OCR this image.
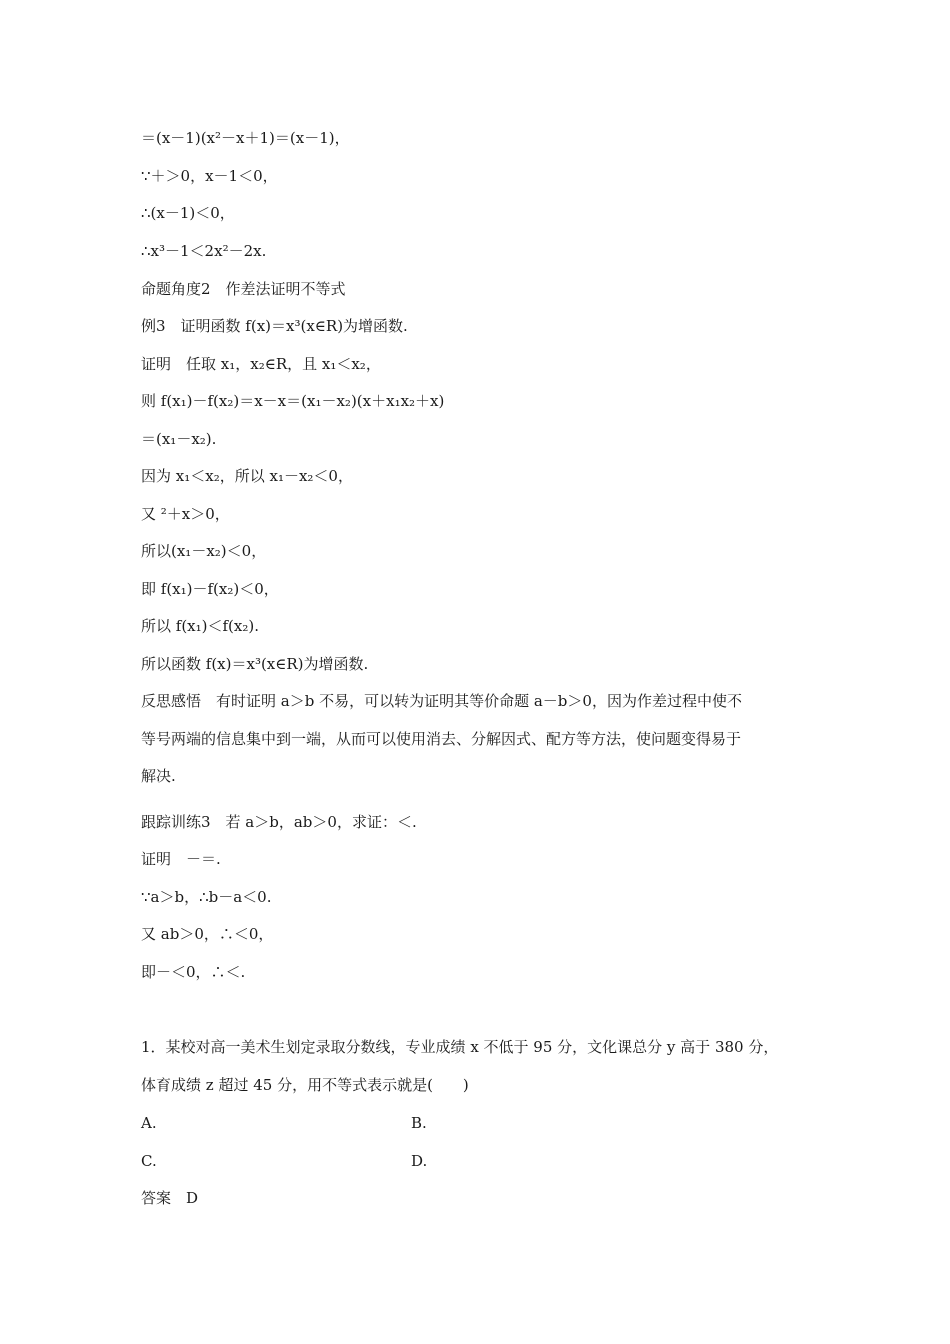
＝(x－1)(x²－x＋1)＝(x－1)，
∵＋＞0，x－1＜0，
∴(x－1)＜0，
∴x³－1＜2x²－2x.
命题角度2　作差法证明不等式
例3　证明函数 f(x)＝x³(x∈R)为增函数.
证明　任取 x₁，x₂∈R，且 x₁＜x₂，
则 f(x₁)－f(x₂)＝x－x＝(x₁－x₂)(x＋x₁x₂＋x)
＝(x₁－x₂).
因为 x₁＜x₂，所以 x₁－x₂＜0，
又 ²＋x＞0，
所以(x₁－x₂)＜0，
即 f(x₁)－f(x₂)＜0，
所以 f(x₁)＜f(x₂).
所以函数 f(x)＝x³(x∈R)为增函数.
反思感悟　有时证明 a＞b 不易，可以转为证明其等价命题 a－b＞0，因为作差过程中使不
等号两端的信息集中到一端，从而可以使用消去、分解因式、配方等方法，使问题变得易于
解决.
跟踪训练3　若 a＞b，ab＞0，求证：＜.
证明　－＝.
∵a＞b，∴b－a＜0.
又 ab＞0，∴＜0，
即－＜0，∴＜.
1．某校对高一美术生划定录取分数线，专业成绩 x 不低于 95 分，文化课总分 y 高于 380 分，
体育成绩 z 超过 45 分，用不等式表示就是(　　)
A.	B.
C.	D.
答案　D
